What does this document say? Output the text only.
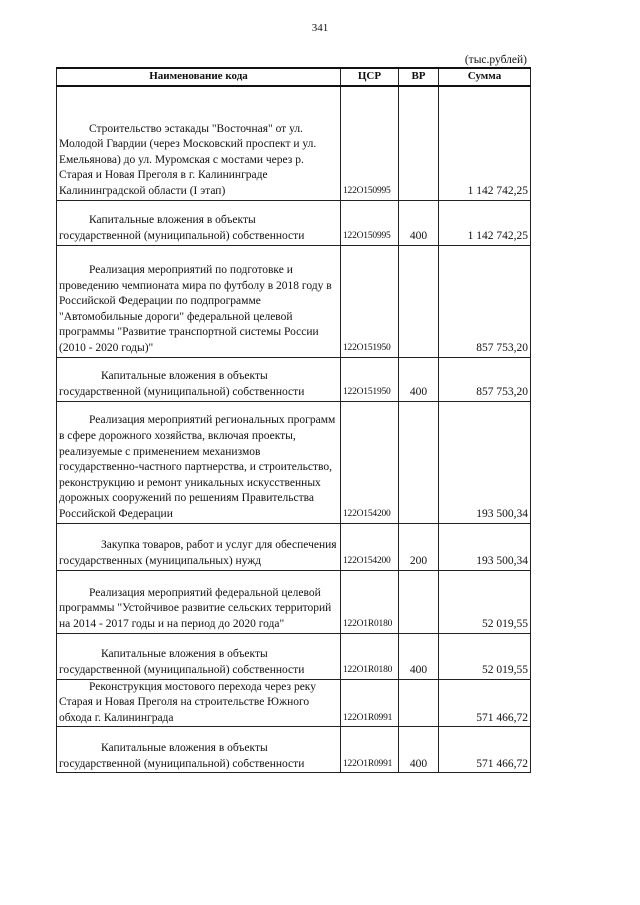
341
(тыс.рублей)
Наименование кода	ЦСР	ВР	Сумма

Строительство эстакады "Восточная" от ул. Молодой Гвардии (через Московский проспект и ул. Емельянова) до ул. Муромская с мостами через р. Старая и Новая Преголя в г. Калининграде Калининградской области (I этап)	122О150995		1 142 742,25

Капитальные вложения в объекты государственной (муниципальной) собственности	122О150995	400	1 142 742,25

Реализация мероприятий по подготовке и проведению чемпионата мира по футболу в 2018 году в Российской Федерации по подпрограмме "Автомобильные дороги" федеральной целевой программы "Развитие транспортной системы России (2010 - 2020 годы)"	122О151950		857 753,20

Капитальные вложения в объекты государственной (муниципальной) собственности	122О151950	400	857 753,20

Реализация мероприятий региональных программ в сфере дорожного хозяйства, включая проекты, реализуемые с применением механизмов государственно-частного партнерства, и строительство, реконструкцию и ремонт уникальных искусственных дорожных сооружений по решениям Правительства Российской Федерации	122О154200		193 500,34

Закупка товаров, работ и услуг для обеспечения государственных (муниципальных) нужд	122О154200	200	193 500,34

Реализация мероприятий федеральной целевой программы "Устойчивое развитие сельских территорий на 2014 - 2017 годы и на период до 2020 года"	122О1R0180		52 019,55

Капитальные вложения в объекты государственной (муниципальной) собственности	122О1R0180	400	52 019,55

Реконструкция мостового перехода через реку Старая и Новая Преголя на строительстве Южного обхода г. Калининграда	122О1R0991		571 466,72

Капитальные вложения в объекты государственной (муниципальной) собственности	122О1R0991	400	571 466,72
